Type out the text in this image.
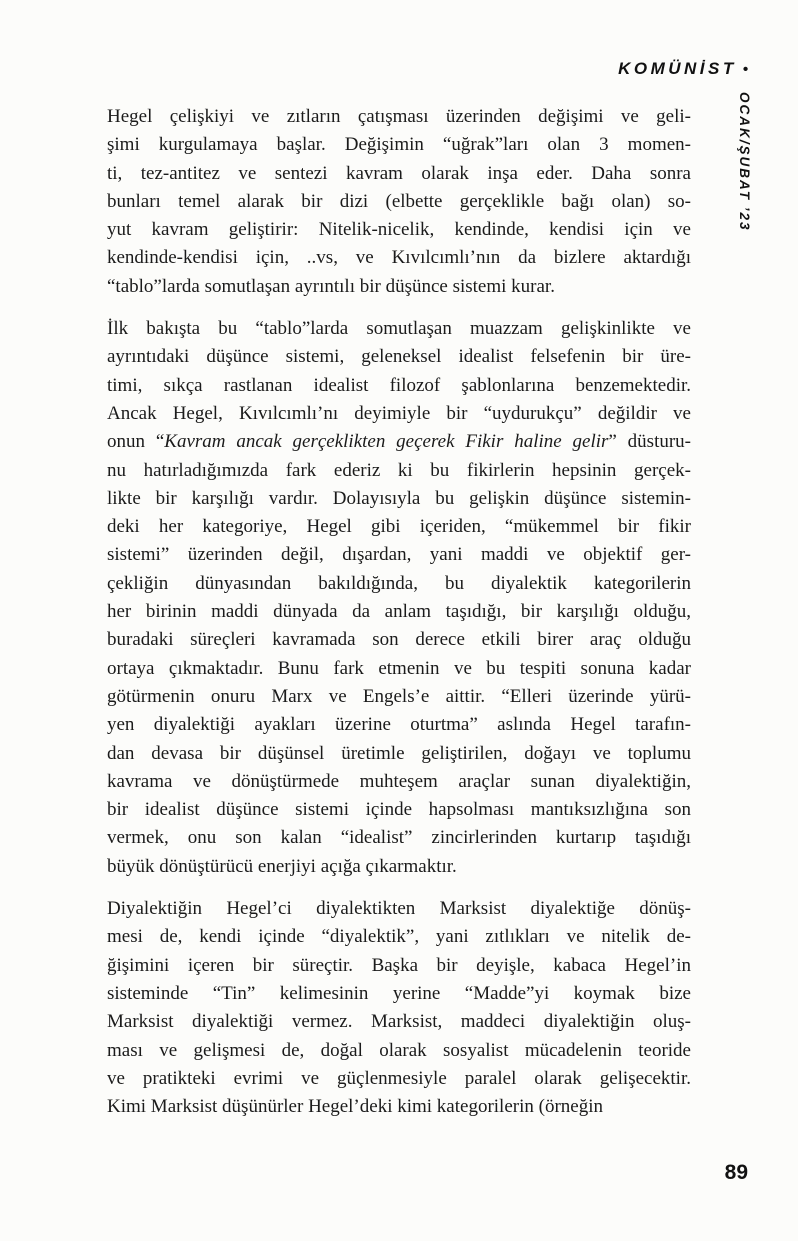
KOMÜNİST •
OCAK/ŞUBAT ’23

Hegel çelişkiyi ve zıtların çatışması üzerinden değişimi ve geli-
şimi kurgulamaya başlar. Değişimin “uğrak”ları olan 3 momen-
ti, tez-antitez ve sentezi kavram olarak inşa eder. Daha sonra
bunları temel alarak bir dizi (elbette gerçeklikle bağı olan) so-
yut kavram geliştirir: Nitelik-nicelik, kendinde, kendisi için ve
kendinde-kendisi için, ..vs, ve Kıvılcımlı’nın da bizlere aktardığı
“tablo”larda somutlaşan ayrıntılı bir düşünce sistemi kurar.

İlk bakışta bu “tablo”larda somutlaşan muazzam gelişkinlikte ve
ayrıntıdaki düşünce sistemi, geleneksel idealist felsefenin bir üre-
timi, sıkça rastlanan idealist filozof şablonlarına benzemektedir.
Ancak Hegel, Kıvılcımlı’nı deyimiyle bir “uydurukçu” değildir ve
onun “Kavram ancak gerçeklikten geçerek Fikir haline gelir” düsturu-
nu hatırladığımızda fark ederiz ki bu fikirlerin hepsinin gerçek-
likte bir karşılığı vardır. Dolayısıyla bu gelişkin düşünce sistemin-
deki her kategoriye, Hegel gibi içeriden, “mükemmel bir fikir
sistemi” üzerinden değil, dışardan, yani maddi ve objektif ger-
çekliğin dünyasından bakıldığında, bu diyalektik kategorilerin
her birinin maddi dünyada da anlam taşıdığı, bir karşılığı olduğu,
buradaki süreçleri kavramada son derece etkili birer araç olduğu
ortaya çıkmaktadır. Bunu fark etmenin ve bu tespiti sonuna kadar
götürmenin onuru Marx ve Engels’e aittir. “Elleri üzerinde yürü-
yen diyalektiği ayakları üzerine oturtma” aslında Hegel tarafın-
dan devasa bir düşünsel üretimle geliştirilen, doğayı ve toplumu
kavrama ve dönüştürmede muhteşem araçlar sunan diyalektiğin,
bir idealist düşünce sistemi içinde hapsolması mantıksızlığına son
vermek, onu son kalan “idealist” zincirlerinden kurtarıp taşıdığı
büyük dönüştürücü enerjiyi açığa çıkarmaktır.

Diyalektiğin Hegel’ci diyalektikten Marksist diyalektiğe dönüş-
mesi de, kendi içinde “diyalektik”, yani zıtlıkları ve nitelik de-
ğişimini içeren bir süreçtir. Başka bir deyişle, kabaca Hegel’in
sisteminde “Tin” kelimesinin yerine “Madde”yi koymak bize
Marksist diyalektiği vermez. Marksist, maddeci diyalektiğin oluş-
ması ve gelişmesi de, doğal olarak sosyalist mücadelenin teoride
ve pratikteki evrimi ve güçlenmesiyle paralel olarak gelişecektir.
Kimi Marksist düşünürler Hegel’deki kimi kategorilerin (örneğin

89
